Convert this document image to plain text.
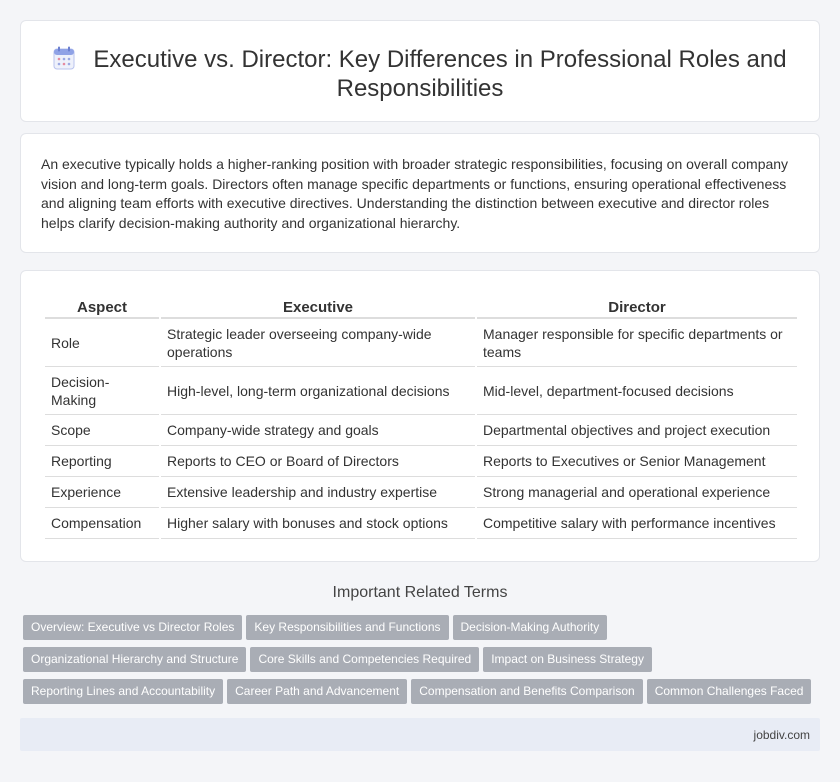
Executive vs. Director: Key Differences in Professional Roles and Responsibilities

An executive typically holds a higher-ranking position with broader strategic responsibilities, focusing on overall company vision and long-term goals. Directors often manage specific departments or functions, ensuring operational effectiveness and aligning team efforts with executive directives. Understanding the distinction between executive and director roles helps clarify decision-making authority and organizational hierarchy.

Aspect	Executive	Director
Role	Strategic leader overseeing company-wide operations	Manager responsible for specific departments or teams
Decision-Making	High-level, long-term organizational decisions	Mid-level, department-focused decisions
Scope	Company-wide strategy and goals	Departmental objectives and project execution
Reporting	Reports to CEO or Board of Directors	Reports to Executives or Senior Management
Experience	Extensive leadership and industry expertise	Strong managerial and operational experience
Compensation	Higher salary with bonuses and stock options	Competitive salary with performance incentives
Important Related Terms
Overview: Executive vs Director Roles Key Responsibilities and Functions Decision-Making Authority
Organizational Hierarchy and Structure Core Skills and Competencies Required Impact on Business Strategy
Reporting Lines and Accountability Career Path and Advancement Compensation and Benefits Comparison Common Challenges Faced
jobdiv.com
